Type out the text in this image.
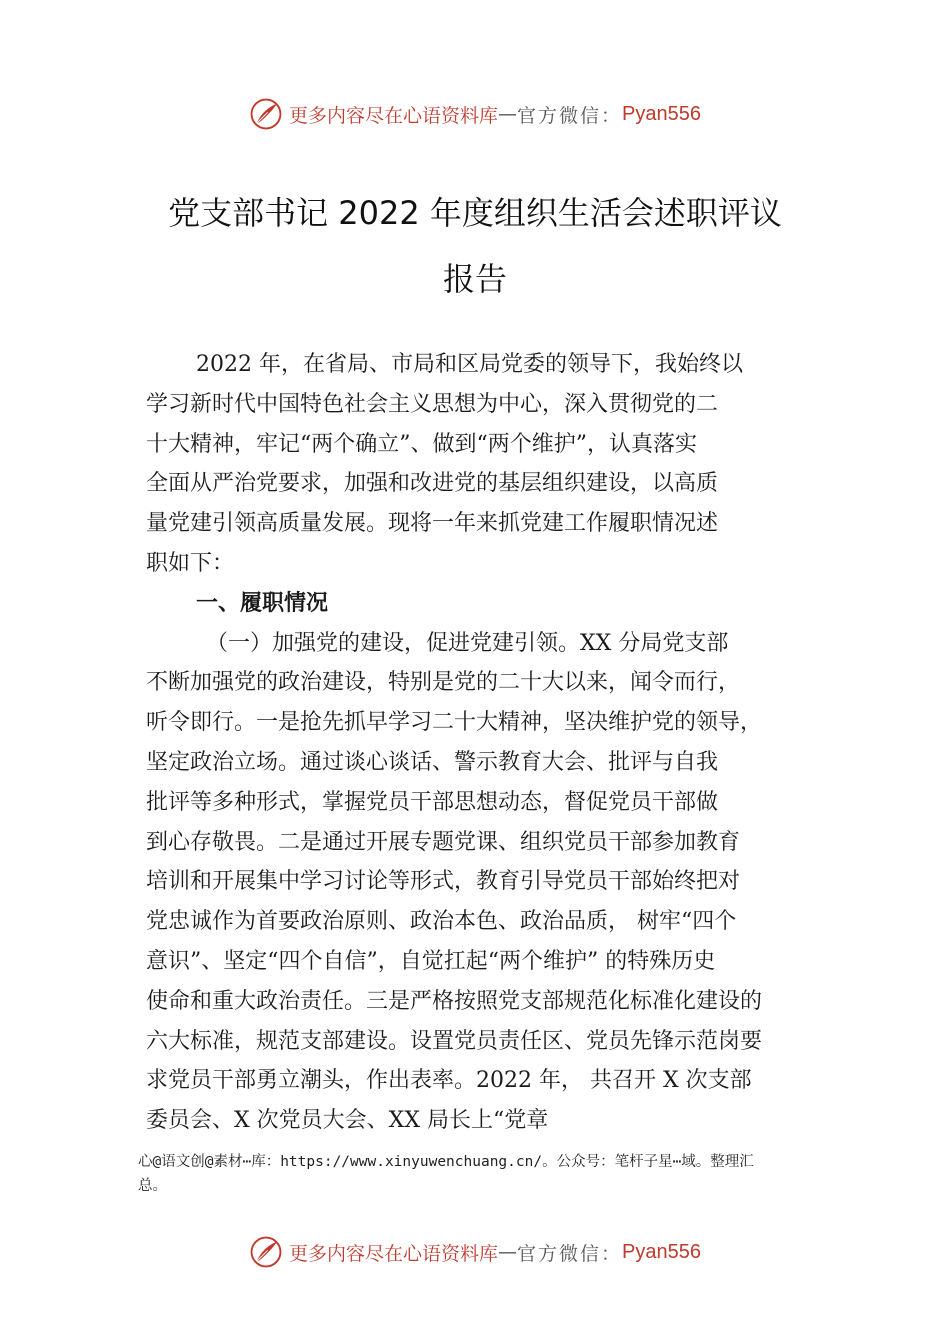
更多内容尽在心语资料库 — 官方微信： Pyan556
党支部书记 2022 年度组织生活会述职评议
报告
2022 年，在省局、市局和区局党委的领导下，我始终以
学习新时代中国特色社会主义思想为中心，深入贯彻党的二
十大精神，牢记“两个确立”、做到“两个维护”，认真落实
全面从严治党要求，加强和改进党的基层组织建设，以高质
量党建引领高质量发展。现将一年来抓党建工作履职情况述
职如下：
一、履职情况
（一）加强党的建设，促进党建引领。XX 分局党支部
不断加强党的政治建设，特别是党的二十大以来，闻令而行，
听令即行。一是抢先抓早学习二十大精神，坚决维护党的领导，
坚定政治立场。通过谈心谈话、警示教育大会、批评与自我
批评等多种形式，掌握党员干部思想动态，督促党员干部做
到心存敬畏。二是通过开展专题党课、组织党员干部参加教育
培训和开展集中学习讨论等形式，教育引导党员干部始终把对
党忠诚作为首要政治原则、政治本色、政治品质， 树牢“四个
意识”、坚定“四个自信”，自觉扛起“两个维护” 的特殊历史
使命和重大政治责任。三是严格按照党支部规范化标准化建设的
六大标准，规范支部建设。设置党员责任区、党员先锋示范岗要
求党员干部勇立潮头，作出表率。2022 年， 共召开 X 次支部
委员会、X 次党员大会、XX 局长上“党章
心@语文创@素材⋯库：https://www.xinyuwenchuang.cn/。公众号：笔杆子星⋯域。整理汇
总。
更多内容尽在心语资料库 — 官方微信： Pyan556
